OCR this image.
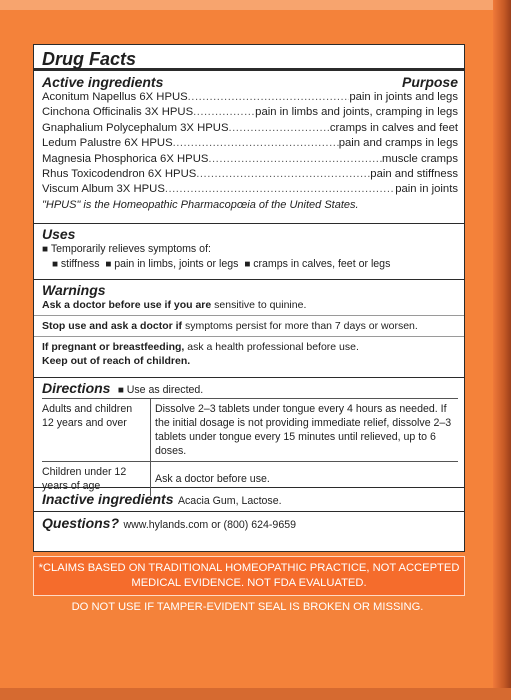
Drug Facts
Active ingredients	Purpose
Aconitum Napellus 6X HPUS .....	pain in joints and legs
Cinchona Officinalis 3X HPUS .....	pain in limbs and joints, cramping in legs
Gnaphalium Polycephalum 3X HPUS .....	cramps in calves and feet
Ledum Palustre 6X HPUS .....	pain and cramps in legs
Magnesia Phosphorica 6X HPUS .....	muscle cramps
Rhus Toxicodendron 6X HPUS .....	pain and stiffness
Viscum Album 3X HPUS .....	pain in joints
"HPUS" is the Homeopathic Pharmacopœia of the United States.
Uses
■ Temporarily relieves symptoms of:
■ stiffness ■ pain in limbs, joints or legs ■ cramps in calves, feet or legs
Warnings
Ask a doctor before use if you are sensitive to quinine.
Stop use and ask a doctor if symptoms persist for more than 7 days or worsen.
If pregnant or breastfeeding, ask a health professional before use.
Keep out of reach of children.
Directions ■ Use as directed.
Adults and children 12 years and over	Dissolve 2–3 tablets under tongue every 4 hours as needed. If the initial dosage is not providing immediate relief, dissolve 2–3 tablets under tongue every 15 minutes until relieved, up to 6 doses.
Children under 12 years of age	Ask a doctor before use.
Inactive ingredients Acacia Gum, Lactose.
Questions? www.hylands.com or (800) 624-9659
*CLAIMS BASED ON TRADITIONAL HOMEOPATHIC PRACTICE, NOT ACCEPTED MEDICAL EVIDENCE. NOT FDA EVALUATED.
DO NOT USE IF TAMPER-EVIDENT SEAL IS BROKEN OR MISSING.
